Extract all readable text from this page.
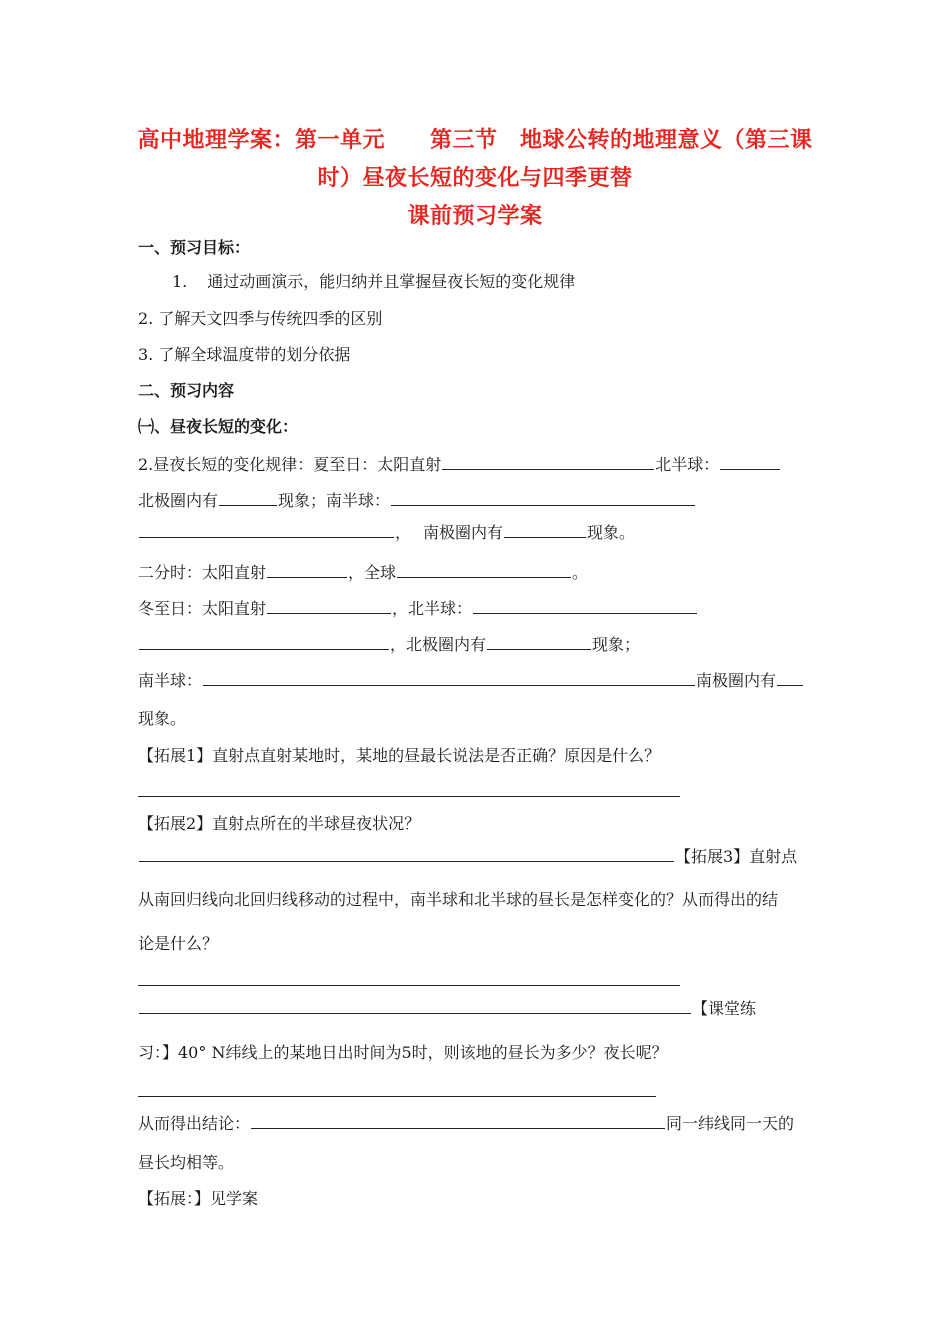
高中地理学案：第一单元　　第三节　地球公转的地理意义（第三课
时）昼夜长短的变化与四季更替
课前预习学案
一、预习目标：
1. 通过动画演示，能归纳并且掌握昼夜长短的变化规律
2. 了解天文四季与传统四季的区别
3. 了解全球温度带的划分依据
二、预习内容
㈠、昼夜长短的变化：
2.昼夜长短的变化规律：夏至日：太阳直射	北半球：
北极圈内有	现象；南半球：
， 南极圈内有	现象。
二分时：太阳直射	，全球	。
冬至日：太阳直射	，北半球：
，北极圈内有	现象；
南半球：	南极圈内有
现象。
【拓展1】直射点直射某地时，某地的昼最长说法是否正确？原因是什么？
【拓展2】直射点所在的半球昼夜状况？
【拓展3】直射点
从南回归线向北回归线移动的过程中，南半球和北半球的昼长是怎样变化的？从而得出的结
论是什么？
【课堂练
习：】40° N纬线上的某地日出时间为5时，则该地的昼长为多少？夜长呢？
从而得出结论：	同一纬线同一天的
昼长均相等。
【拓展：】见学案
